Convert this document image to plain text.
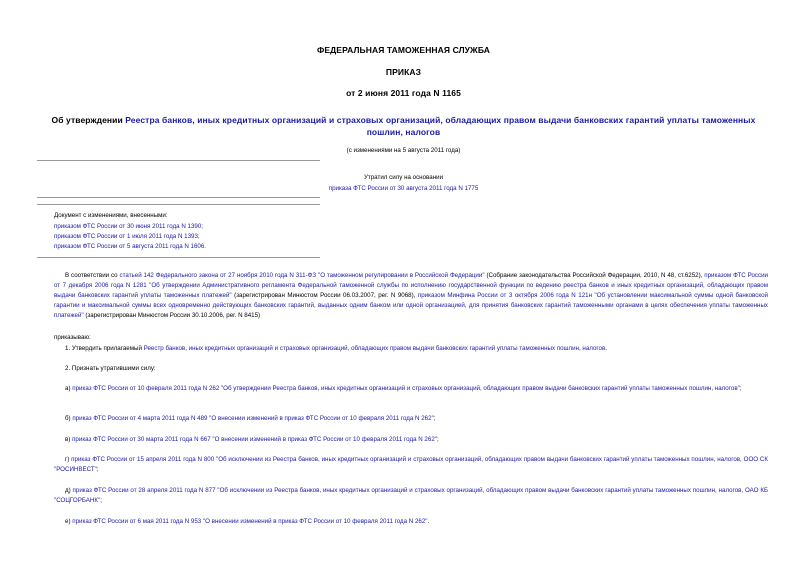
ФЕДЕРАЛЬНАЯ ТАМОЖЕННАЯ СЛУЖБА
ПРИКАЗ
от 2 июня 2011 года N 1165
Об утверждении Реестра банков, иных кредитных организаций и страховых организаций, обладающих правом выдачи банковских гарантий уплаты таможенных
пошлин, налогов
(с изменениями на 5 августа 2011 года)
Утратил силу на основании
приказа ФТС России от 30 августа 2011 года N 1775
Документ с изменениями, внесенными:
приказом ФТС России от 30 июня 2011 года N 1390;
приказом ФТС России от 1 июля 2011 года N 1393;
приказом ФТС России от 5 августа 2011 года N 1606.
В соответствии со статьей 142 Федерального закона от 27 ноября 2010 года N 311-ФЗ "О таможенном регулировании в Российской Федерации" (Собрание законодательства Российской Федерации, 2010, N 48, ст.6252), приказом ФТС России от 7 декабря 2006 года N 1281 "Об утверждении Административного регламента Федеральной таможенной службы по исполнению государственной функции по ведению реестра банков и иных кредитных организаций, обладающих правом выдачи банковских гарантий уплаты таможенных платежей" (зарегистрирован Минюстом России 06.03.2007, рег. N 9068), приказом Минфина России от 3 октября 2006 года N 121н "Об установлении максимальной суммы одной банковской гарантии и максимальной суммы всех одновременно действующих банковских гарантий, выданных одним банком или одной организацией, для принятия банковских гарантий таможенными органами в целях обеспечения уплаты таможенных платежей" (зарегистрирован Минюстом России 30.10.2006, рег. N 8415)
приказываю:
1. Утвердить прилагаемый Реестр банков, иных кредитных организаций и страховых организаций, обладающих правом выдачи банковских гарантий уплаты таможенных пошлин, налогов.
2. Признать утратившими силу:
а) приказ ФТС России от 10 февраля 2011 года N 262 "Об утверждении Реестра банков, иных кредитных организаций и страховых организаций, обладающих правом выдачи банковских гарантий уплаты таможенных пошлин, налогов";
б) приказ ФТС России от 4 марта 2011 года N 489 "О внесении изменений в приказ ФТС России от 10 февраля 2011 года N 262";
в) приказ ФТС России от 30 марта 2011 года N 667 "О внесении изменений в приказ ФТС России от 10 февраля 2011 года N 262";
г) приказ ФТС России от 15 апреля 2011 года N 800 "Об исключении из Реестра банков, иных кредитных организаций и страховых организаций, обладающих правом выдачи банковских гарантий уплаты таможенных пошлин, налогов, ООО СК "РОСИНВЕСТ";
д) приказ ФТС России от 28 апреля 2011 года N 877 "Об исключении из Реестра банков, иных кредитных организаций и страховых организаций, обладающих правом выдачи банковских гарантий уплаты таможенных пошлин, налогов, ОАО КБ "СОЦГОРБАНК";
е) приказ ФТС России от 6 мая 2011 года N 953 "О внесении изменений в приказ ФТС России от 10 февраля 2011 года N 262".
